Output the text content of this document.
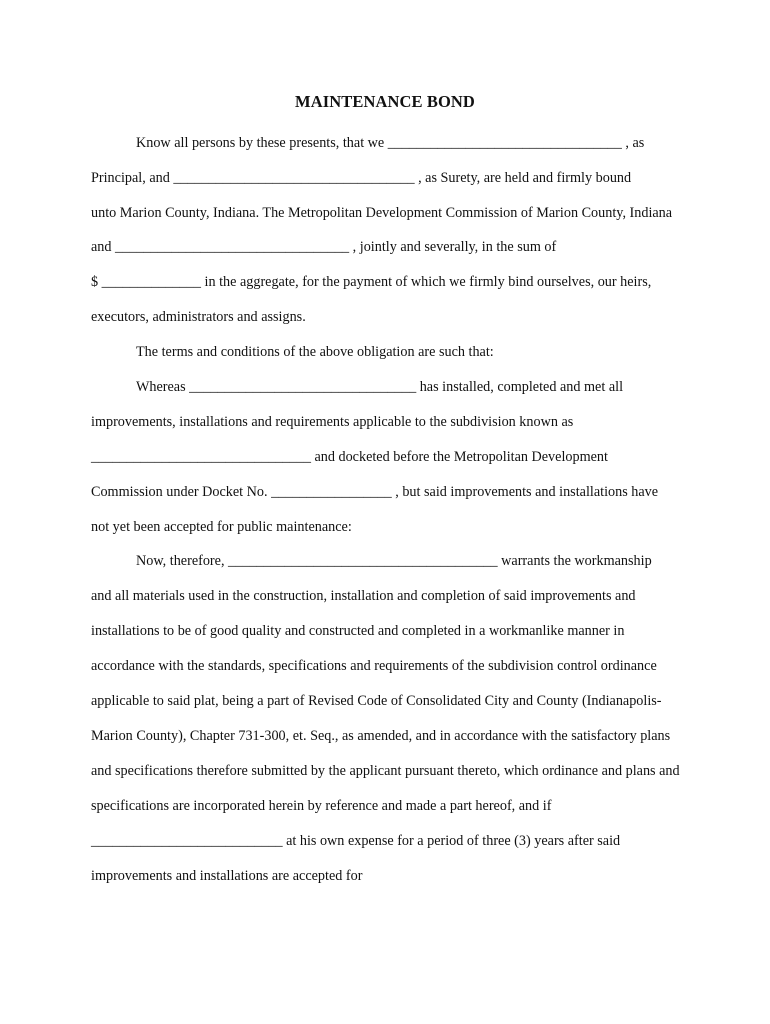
MAINTENANCE BOND
Know all persons by these presents, that we _________________________________ , as
Principal, and __________________________________ , as Surety, are held and firmly bound
unto Marion County, Indiana. The Metropolitan Development Commission of Marion County, Indiana
and _________________________________ , jointly and severally, in the sum of
$ ______________ in the aggregate, for the payment of which we firmly bind ourselves, our heirs,
executors, administrators and assigns.
The terms and conditions of the above obligation are such that:
Whereas ________________________________ has installed, completed and met all
improvements, installations and requirements applicable to the subdivision known as
_______________________________ and docketed before the Metropolitan Development
Commission under Docket No. _________________ , but said improvements and installations have
not yet been accepted for public maintenance:
Now, therefore, ______________________________________ warrants the workmanship
and all materials used in the construction, installation and completion of said improvements and
installations to be of good quality and constructed and completed in a workmanlike manner in
accordance with the standards, specifications and requirements of the subdivision control ordinance
applicable to said plat, being a part of Revised Code of Consolidated City and County (Indianapolis-
Marion County), Chapter 731-300, et. Seq., as amended, and in accordance with the satisfactory plans
and specifications therefore submitted by the applicant pursuant thereto, which ordinance and plans and
specifications are incorporated herein by reference and made a part hereof, and if
___________________________ at his own expense for a period of three (3) years after said
improvements and installations are accepted for
